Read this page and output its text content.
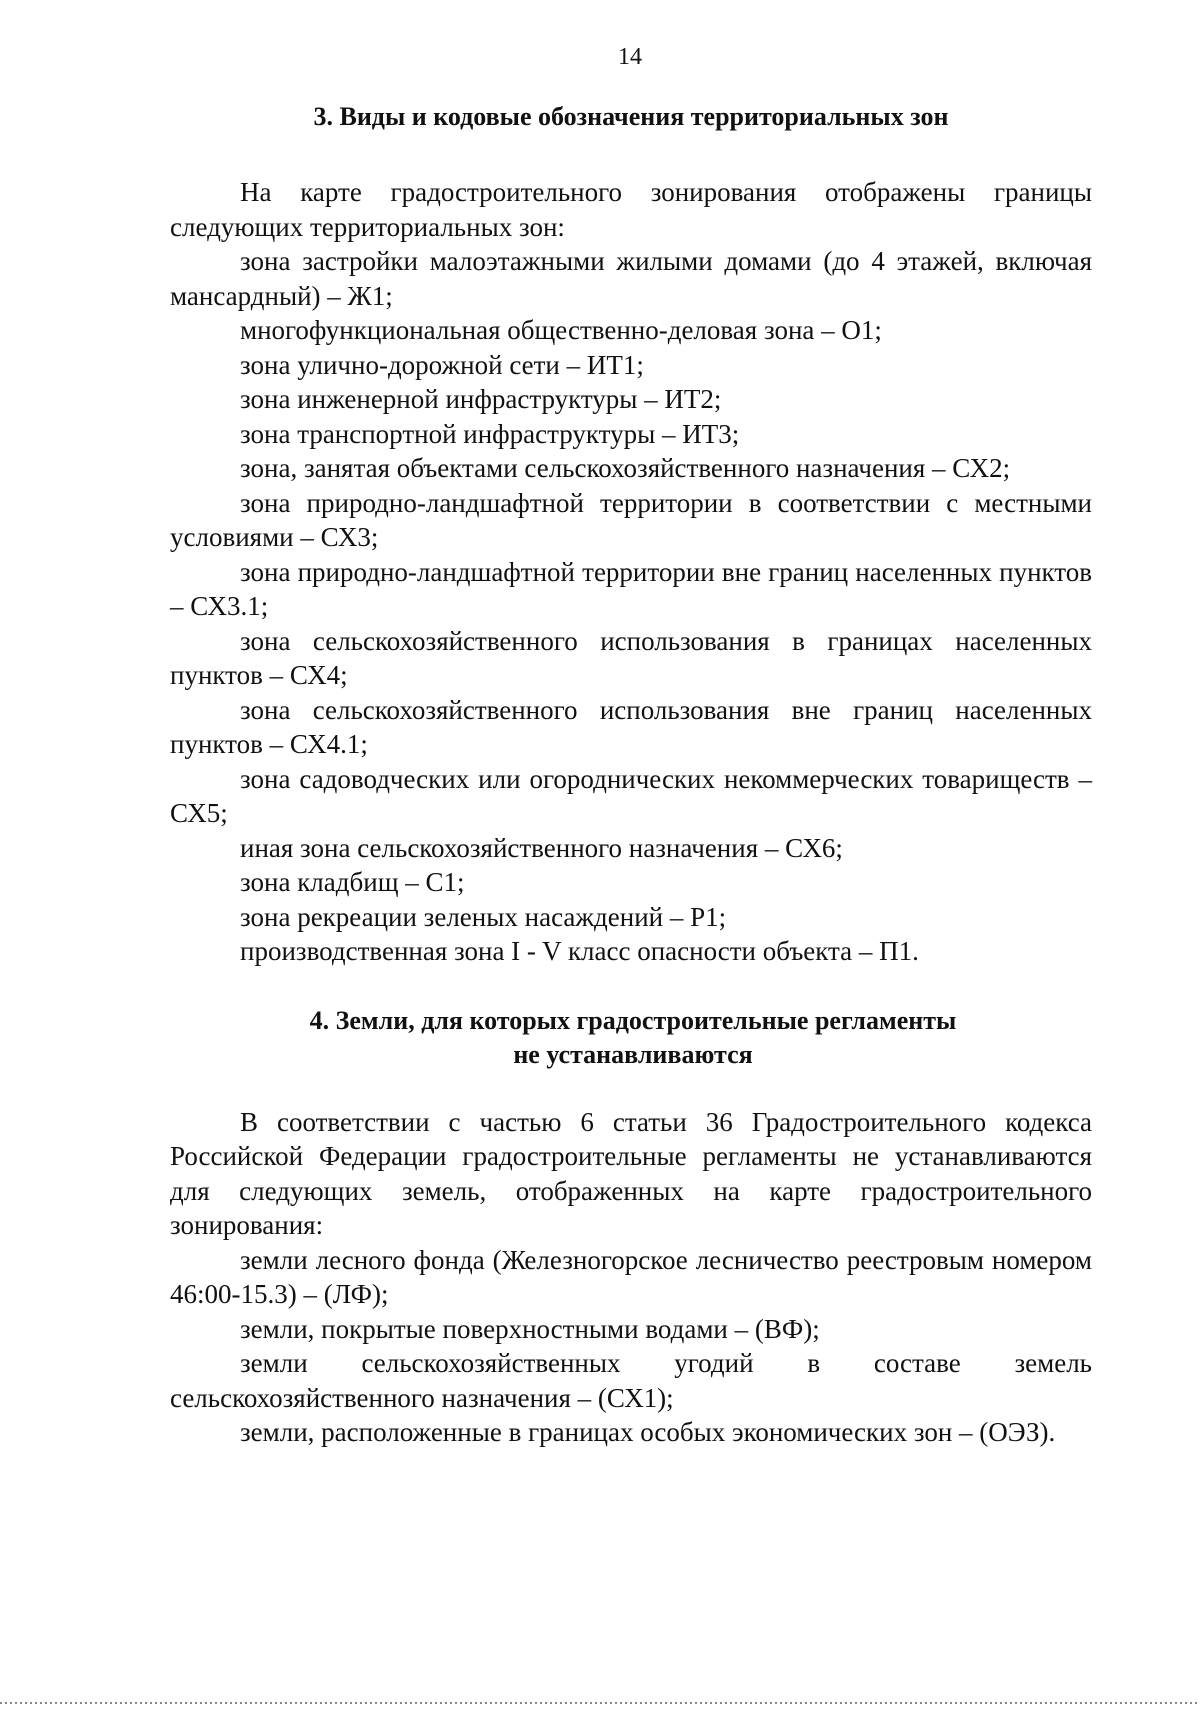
14
3. Виды и кодовые обозначения территориальных зон

На карте градостроительного зонирования отображены границы следующих территориальных зон:

зона застройки малоэтажными жилыми домами (до 4 этажей, включая мансардный) – Ж1;

многофункциональная общественно-деловая зона – О1;

зона улично-дорожной сети – ИТ1;

зона инженерной инфраструктуры – ИТ2;

зона транспортной инфраструктуры – ИТ3;

зона, занятая объектами сельскохозяйственного назначения – СХ2;

зона природно-ландшафтной территории в соответствии с местными условиями – СХ3;

зона природно-ландшафтной территории вне границ населенных пунктов – СХ3.1;

зона сельскохозяйственного использования в границах населенных пунктов – СХ4;

зона сельскохозяйственного использования вне границ населенных пунктов – СХ4.1;

зона садоводческих или огороднических некоммерческих товариществ – СХ5;

иная зона сельскохозяйственного назначения – СХ6;

зона кладбищ – С1;

зона рекреации зеленых насаждений – Р1;

производственная зона I - V класс опасности объекта – П1.

4. Земли, для которых градостроительные регламенты
не устанавливаются

В соответствии с частью 6 статьи 36 Градостроительного кодекса Российской Федерации градостроительные регламенты не устанавливаются для следующих земель, отображенных на карте градостроительного зонирования:

земли лесного фонда (Железногорское лесничество реестровым номером 46:00-15.3) – (ЛФ);

земли, покрытые поверхностными водами – (ВФ);

земли сельскохозяйственных угодий в составе земель сельскохозяйственного назначения – (СХ1);

земли, расположенные в границах особых экономических зон – (ОЭЗ).
